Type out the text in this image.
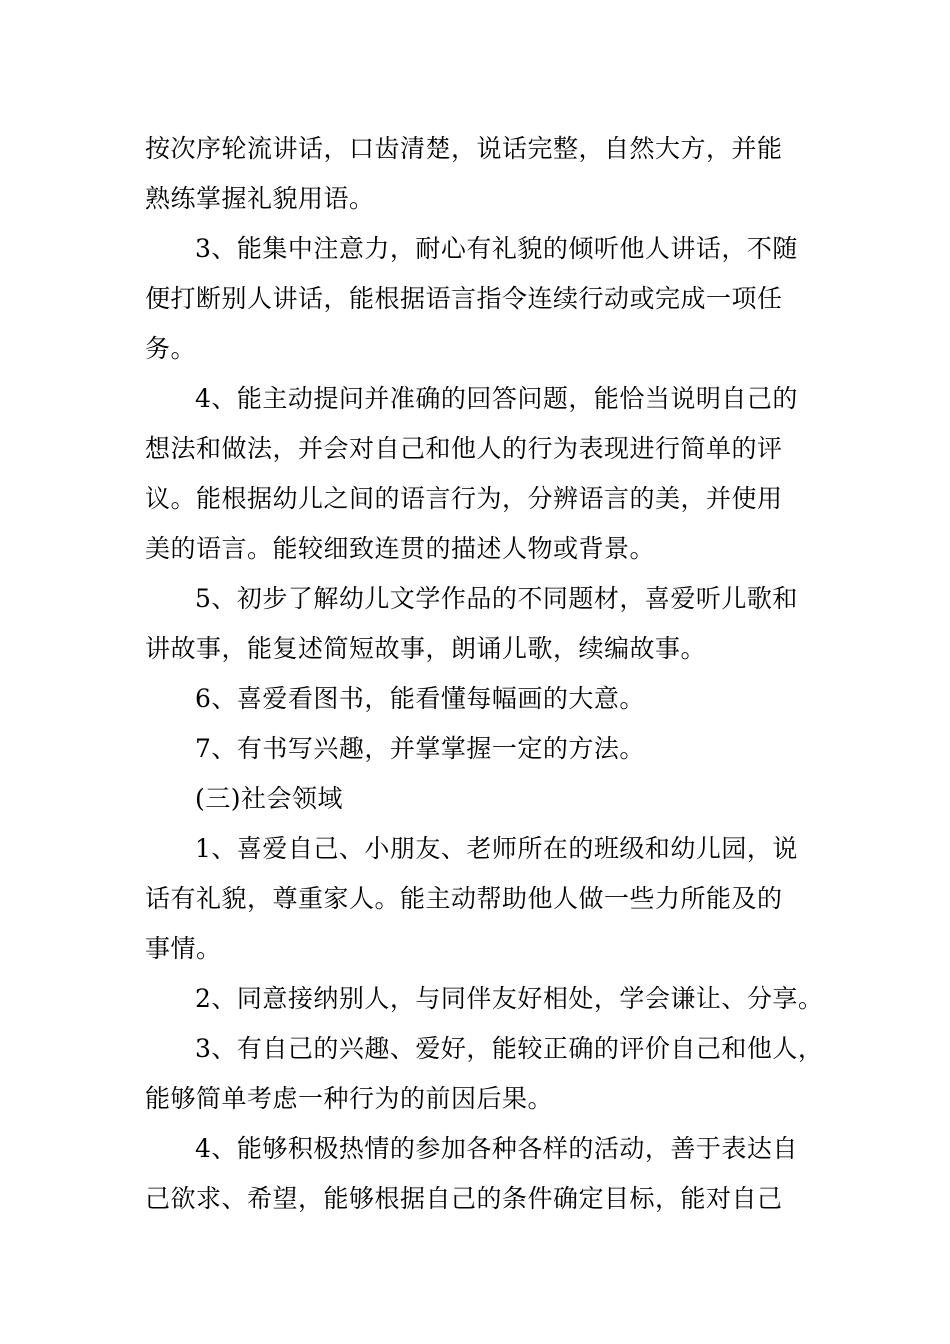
按次序轮流讲话，口齿清楚，说话完整，自然大方，并能
熟练掌握礼貌用语。
3、能集中注意力，耐心有礼貌的倾听他人讲话，不随
便打断别人讲话，能根据语言指令连续行动或完成一项任
务。
4、能主动提问并准确的回答问题，能恰当说明自己的
想法和做法，并会对自己和他人的行为表现进行简单的评
议。能根据幼儿之间的语言行为，分辨语言的美，并使用
美的语言。能较细致连贯的描述人物或背景。
5、初步了解幼儿文学作品的不同题材，喜爱听儿歌和
讲故事，能复述简短故事，朗诵儿歌，续编故事。
6、喜爱看图书，能看懂每幅画的大意。
7、有书写兴趣，并掌掌握一定的方法。
(三)社会领域
1、喜爱自己、小朋友、老师所在的班级和幼儿园，说
话有礼貌，尊重家人。能主动帮助他人做一些力所能及的
事情。
2、同意接纳别人，与同伴友好相处，学会谦让、分享。
3、有自己的兴趣、爱好，能较正确的评价自己和他人，
能够简单考虑一种行为的前因后果。
4、能够积极热情的参加各种各样的活动，善于表达自
己欲求、希望，能够根据自己的条件确定目标，能对自己
